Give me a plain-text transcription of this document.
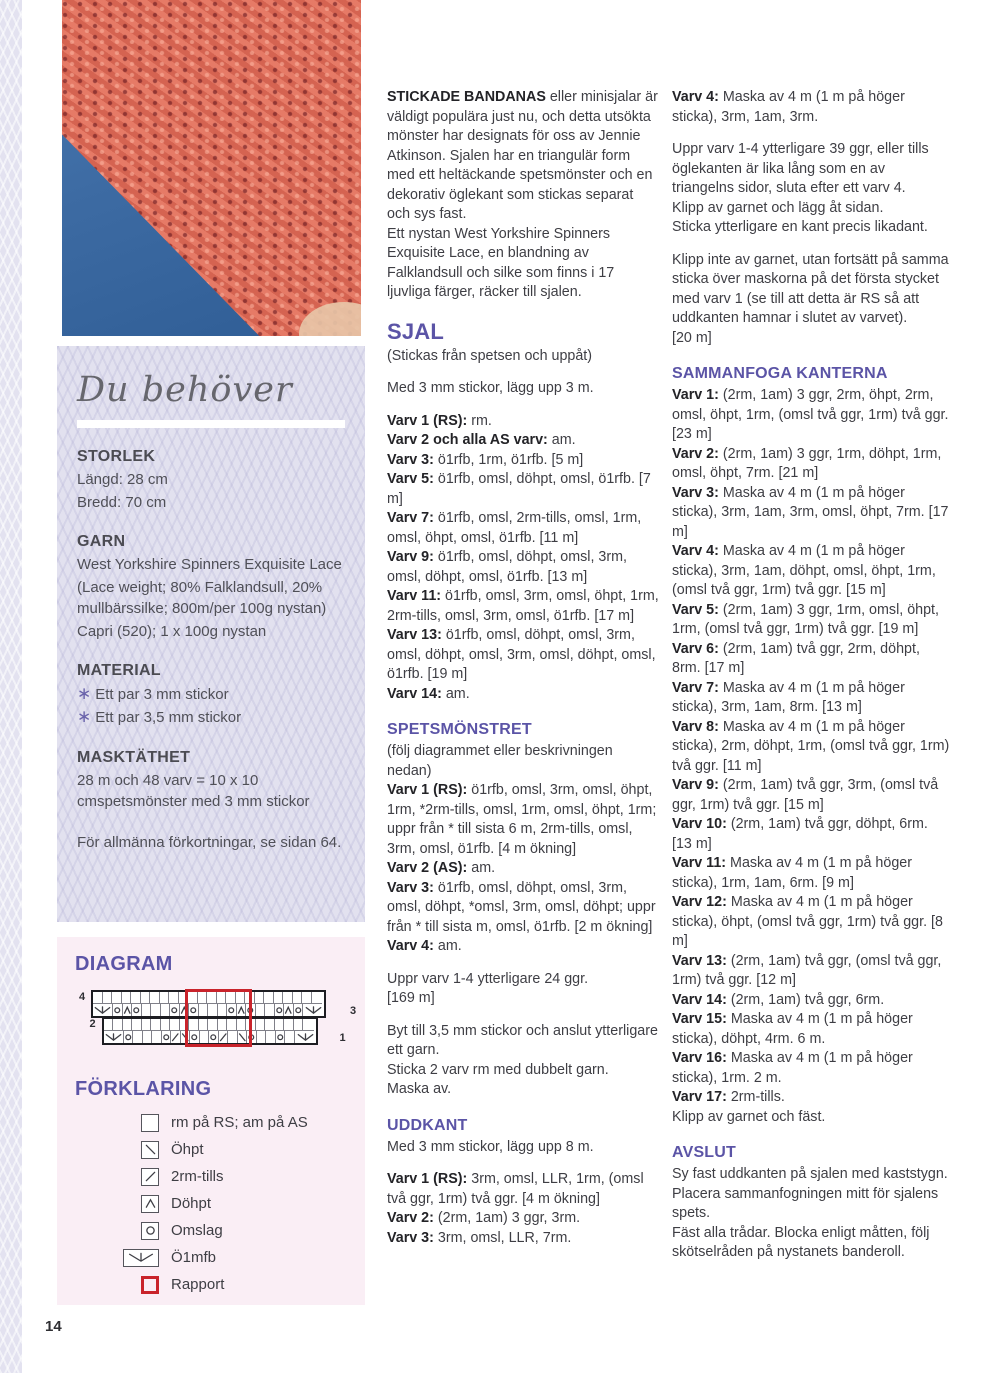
Du behöver
STORLEK
Längd: 28 cm
Bredd: 70 cm
GARN
West Yorkshire Spinners Exquisite Lace
(Lace weight; 80% Falklandsull, 20% mullbärssilke; 800m/per 100g nystan)
Capri (520); 1 x 100g nystan
MATERIAL
∗ Ett par 3 mm stickor
∗ Ett par 3,5 mm stickor
MASKTÄTHET
28 m och 48 varv = 10 x 10 cmspetsmönster med 3 mm stickor
För allmänna förkortningar, se sidan 64.
DIAGRAM
4
3
2
1
FÖRKLARING
rm på RS; am på AS
Öhpt
2rm-tills
Döhpt
Omslag
Ö1mfb
Rapport

STICKADE BANDANAS eller minisjalar är väldigt populära just nu, och detta utsökta mönster har designats för oss av Jennie Atkinson. Sjalen har en triangulär form med ett heltäckande spetsmönster och en dekorativ öglekant som stickas separat och sys fast.

Ett nystan West Yorkshire Spinners Exquisite Lace, en blandning av Falklandsull och silke som finns i 17 ljuvliga färger, räcker till sjalen.

SJAL

(Stickas från spetsen och uppåt)

Med 3 mm stickor, lägg upp 3 m.

Varv 1 (RS): rm.

Varv 2 och alla AS varv: am.

Varv 3: ö1rfb, 1rm, ö1rfb. [5 m]

Varv 5: ö1rfb, omsl, döhpt, omsl, ö1rfb. [7 m]

Varv 7: ö1rfb, omsl, 2rm-tills, omsl, 1rm, omsl, öhpt, omsl, ö1rfb. [11 m]

Varv 9: ö1rfb, omsl, döhpt, omsl, 3rm, omsl, döhpt, omsl, ö1rfb. [13 m]

Varv 11: ö1rfb, omsl, 3rm, omsl, öhpt, 1rm, 2rm-tills, omsl, 3rm, omsl, ö1rfb. [17 m]

Varv 13: ö1rfb, omsl, döhpt, omsl, 3rm, omsl, döhpt, omsl, 3rm, omsl, döhpt, omsl, ö1rfb. [19 m]

Varv 14: am.

SPETSMÖNSTRET

(följ diagrammet eller beskrivningen nedan)

Varv 1 (RS): ö1rfb, omsl, 3rm, omsl, öhpt, 1rm, *2rm-tills, omsl, 1rm, omsl, öhpt, 1rm; uppr från * till sista 6 m, 2rm-tills, omsl, 3rm, omsl, ö1rfb. [4 m ökning]

Varv 2 (AS): am.

Varv 3: ö1rfb, omsl, döhpt, omsl, 3rm, omsl, döhpt, *omsl, 3rm, omsl, döhpt; uppr från * till sista m, omsl, ö1rfb. [2 m ökning]

Varv 4: am.

Uppr varv 1-4 ytterligare 24 ggr.

[169 m]

Byt till 3,5 mm stickor och anslut ytterligare ett garn.

Sticka 2 varv rm med dubbelt garn.

Maska av.

UDDKANT

Med 3 mm stickor, lägg upp 8 m.

Varv 1 (RS): 3rm, omsl, LLR, 1rm, (omsl två ggr, 1rm) två ggr. [4 m ökning]

Varv 2: (2rm, 1am) 3 ggr, 3rm.

Varv 3: 3rm, omsl, LLR, 7rm.

Varv 4: Maska av 4 m (1 m på höger sticka), 3rm, 1am, 3rm.

Uppr varv 1-4 ytterligare 39 ggr, eller tills öglekanten är lika lång som en av triangelns sidor, sluta efter ett varv 4.

Klipp av garnet och lägg åt sidan.

Sticka ytterligare en kant precis likadant.

Klipp inte av garnet, utan fortsätt på samma sticka över maskorna på det första stycket med varv 1 (se till att detta är RS så att uddkanten hamnar i slutet av varvet).

[20 m]

SAMMANFOGA KANTERNA

Varv 1: (2rm, 1am) 3 ggr, 2rm, öhpt, 2rm, omsl, öhpt, 1rm, (omsl två ggr, 1rm) två ggr. [23 m]

Varv 2: (2rm, 1am) 3 ggr, 1rm, döhpt, 1rm, omsl, öhpt, 7rm. [21 m]

Varv 3: Maska av 4 m (1 m på höger sticka), 3rm, 1am, 3rm, omsl, öhpt, 7rm. [17 m]

Varv 4: Maska av 4 m (1 m på höger sticka), 3rm, 1am, döhpt, omsl, öhpt, 1rm, (omsl två ggr, 1rm) två ggr. [15 m]

Varv 5: (2rm, 1am) 3 ggr, 1rm, omsl, öhpt, 1rm, (omsl två ggr, 1rm) två ggr. [19 m]

Varv 6: (2rm, 1am) två ggr, 2rm, döhpt, 8rm. [17 m]

Varv 7: Maska av 4 m (1 m på höger sticka), 3rm, 1am, 8rm. [13 m]

Varv 8: Maska av 4 m (1 m på höger sticka), 2rm, döhpt, 1rm, (omsl två ggr, 1rm) två ggr. [11 m]

Varv 9: (2rm, 1am) två ggr, 3rm, (omsl två ggr, 1rm) två ggr. [15 m]

Varv 10: (2rm, 1am) två ggr, döhpt, 6rm. [13 m]

Varv 11: Maska av 4 m (1 m på höger sticka), 1rm, 1am, 6rm. [9 m]

Varv 12: Maska av 4 m (1 m på höger sticka), öhpt, (omsl två ggr, 1rm) två ggr. [8 m]

Varv 13: (2rm, 1am) två ggr, (omsl två ggr, 1rm) två ggr. [12 m]

Varv 14: (2rm, 1am) två ggr, 6rm.

Varv 15: Maska av 4 m (1 m på höger sticka), döhpt, 4rm. 6 m.

Varv 16: Maska av 4 m (1 m på höger sticka), 1rm. 2 m.

Varv 17: 2rm-tills.

Klipp av garnet och fäst.

AVSLUT

Sy fast uddkanten på sjalen med kaststygn. Placera sammanfogningen mitt för sjalens spets.

Fäst alla trådar. Blocka enligt måtten, följ skötselråden på nystanets banderoll.

14
